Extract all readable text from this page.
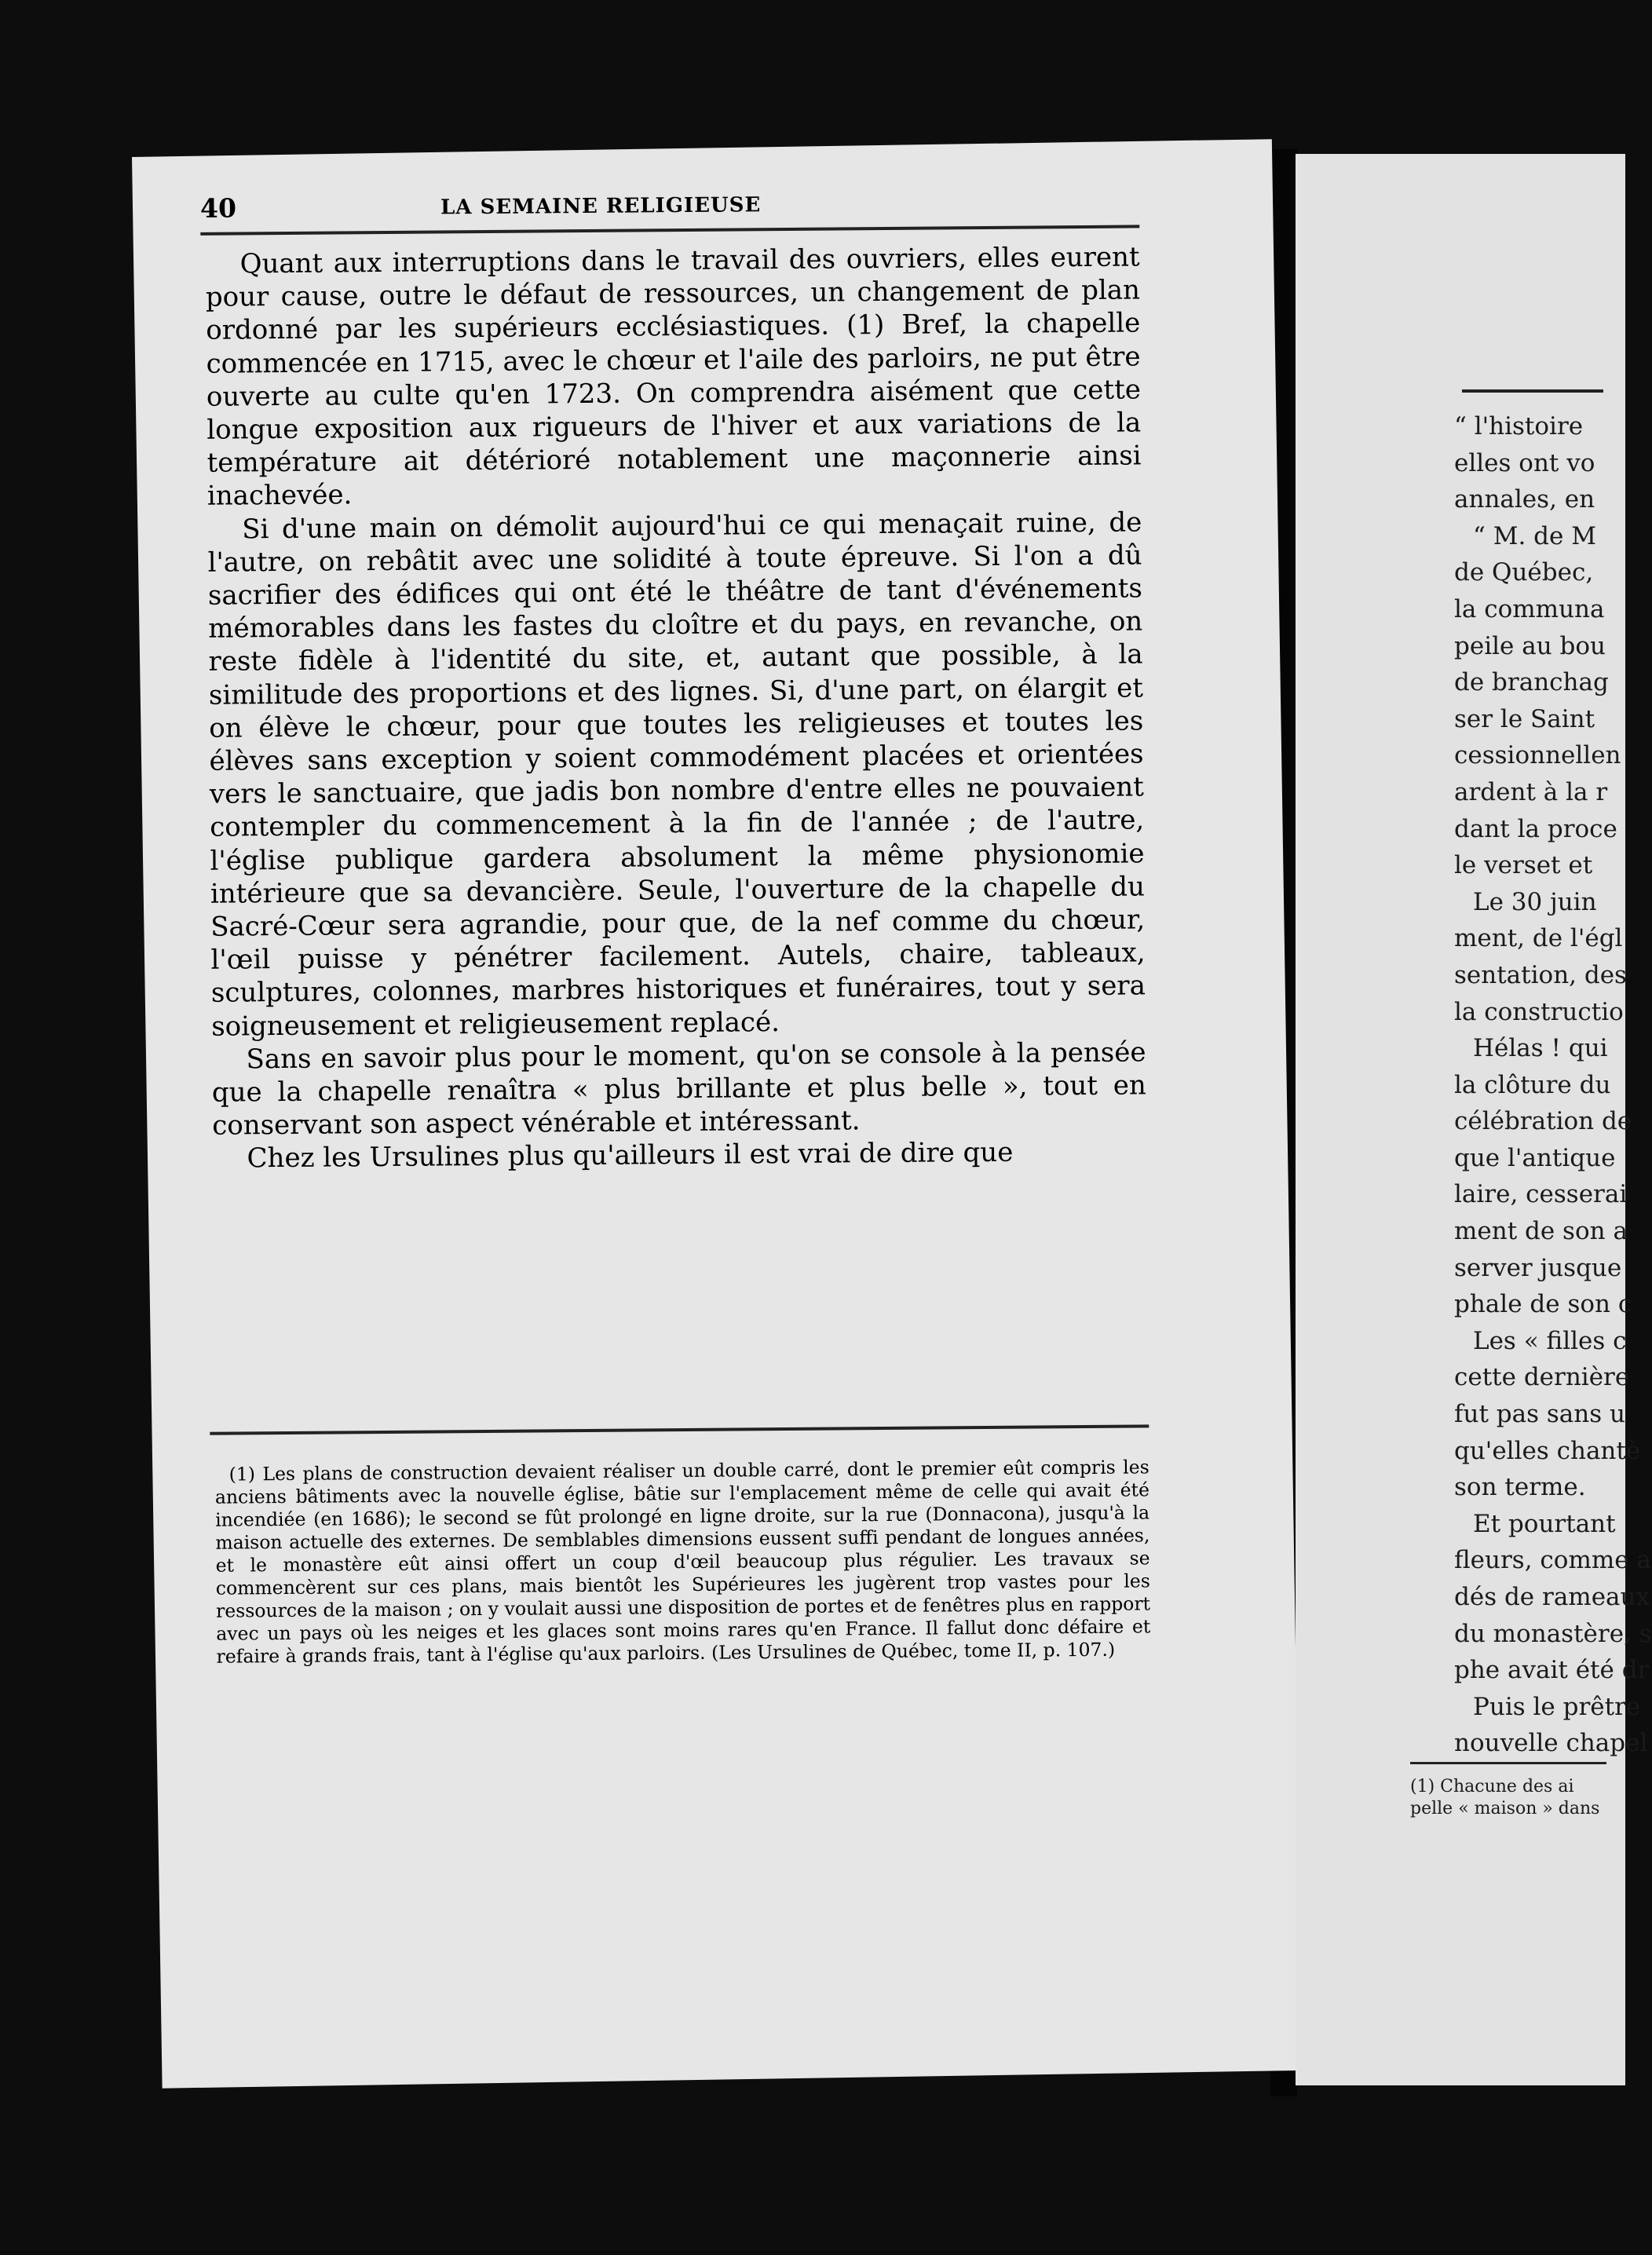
40	LA SEMAINE RELIGIEUSE

Quant aux interruptions dans le travail des ouvriers, elles eurent pour cause, outre le défaut de ressources, un changement de plan ordonné par les supérieurs ecclésiastiques. (1) Bref, la chapelle commencée en 1715, avec le chœur et l'aile des parloirs, ne put être ouverte au culte qu'en 1723. On comprendra aisément que cette longue exposition aux rigueurs de l'hiver et aux variations de la température ait détérioré notablement une maçonnerie ainsi inachevée.

Si d'une main on démolit aujourd'hui ce qui menaçait ruine, de l'autre, on rebâtit avec une solidité à toute épreuve. Si l'on a dû sacrifier des édifices qui ont été le théâtre de tant d'événements mémorables dans les fastes du cloître et du pays, en revanche, on reste fidèle à l'identité du site, et, autant que possible, à la similitude des proportions et des lignes. Si, d'une part, on élargit et on élève le chœur, pour que toutes les religieuses et toutes les élèves sans exception y soient commodément placées et orientées vers le sanctuaire, que jadis bon nombre d'entre elles ne pouvaient contempler du commencement à la fin de l'année ; de l'autre, l'église publique gardera absolument la même physionomie intérieure que sa devancière. Seule, l'ouverture de la chapelle du Sacré-Cœur sera agrandie, pour que, de la nef comme du chœur, l'œil puisse y pénétrer facilement. Autels, chaire, tableaux, sculptures, colonnes, marbres historiques et funéraires, tout y sera soigneusement et religieusement replacé.

Sans en savoir plus pour le moment, qu'on se console à la pensée que la chapelle renaîtra « plus brillante et plus belle », tout en conservant son aspect vénérable et intéressant.

Chez les Ursulines plus qu'ailleurs il est vrai de dire que

(1) Les plans de construction devaient réaliser un double carré, dont le premier eût compris les anciens bâtiments avec la nouvelle église, bâtie sur l'emplacement même de celle qui avait été incendiée (en 1686); le second se fût prolongé en ligne droite, sur la rue (Donnacona), jusqu'à la maison actuelle des externes. De semblables dimensions eussent suffi pendant de longues années, et le monastère eût ainsi offert un coup d'œil beaucoup plus régulier. Les travaux se commencèrent sur ces plans, mais bientôt les Supérieures les jugèrent trop vastes pour les ressources de la maison ; on y voulait aussi une disposition de portes et de fenêtres plus en rapport avec un pays où les neiges et les glaces sont moins rares qu'en France. Il fallut donc défaire et refaire à grands frais, tant à l'église qu'aux parloirs. (Les Ursulines de Québec, tome II, p. 107.)

“ l'histoire
elles ont vo
annales, en
“ M. de M
de Québec,
la communa
peile au bou
de branchag
ser le Saint
cessionnellen
ardent à la r
dant la proce
le verset et
Le 30 juin
ment, de l'égl
sentation, des
la constructio
Hélas ! qui
la clôture du
célébration de
que l'antique
laire, cesserai
ment de son a
server jusque
phale de son c
Les « filles c
cette dernière
fut pas sans u
qu'elles chantè
son terme.
Et pourtant
fleurs, comme a
dés de rameaux
du monastère, s
phe avait été dr
Puis le prêtre
nouvelle chapel
(1) Chacune des ai
pelle « maison » dans
